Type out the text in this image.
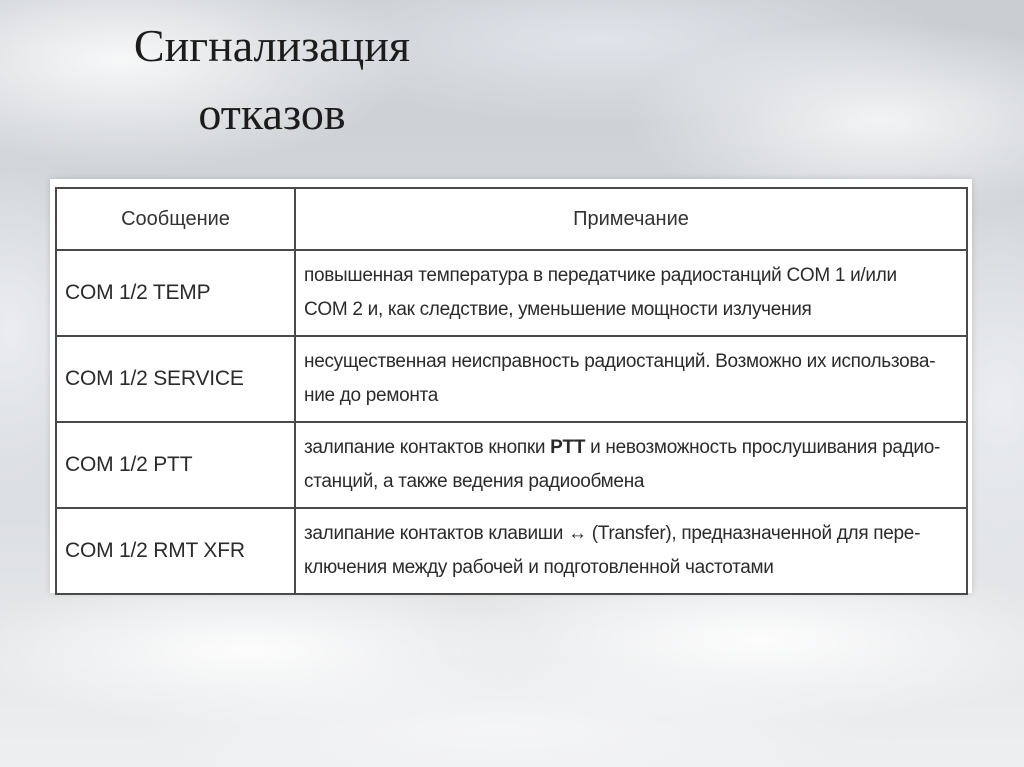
Сигнализация
отказов
Сообщение	Примечание
COM 1/2 TEMP	повышенная температура в передатчике радиостанций COM 1 и/или
COM 2 и, как следствие, уменьшение мощности излучения
COM 1/2 SERVICE	несущественная неисправность радиостанций. Возможно их использова-
ние до ремонта
COM 1/2 PTT	залипание контактов кнопки PTT и невозможность прослушивания радио-
станций, а также ведения радиообмена
COM 1/2 RMT XFR	залипание контактов клавиши ↔ (Transfer), предназначенной для пере-
ключения между рабочей и подготовленной частотами
